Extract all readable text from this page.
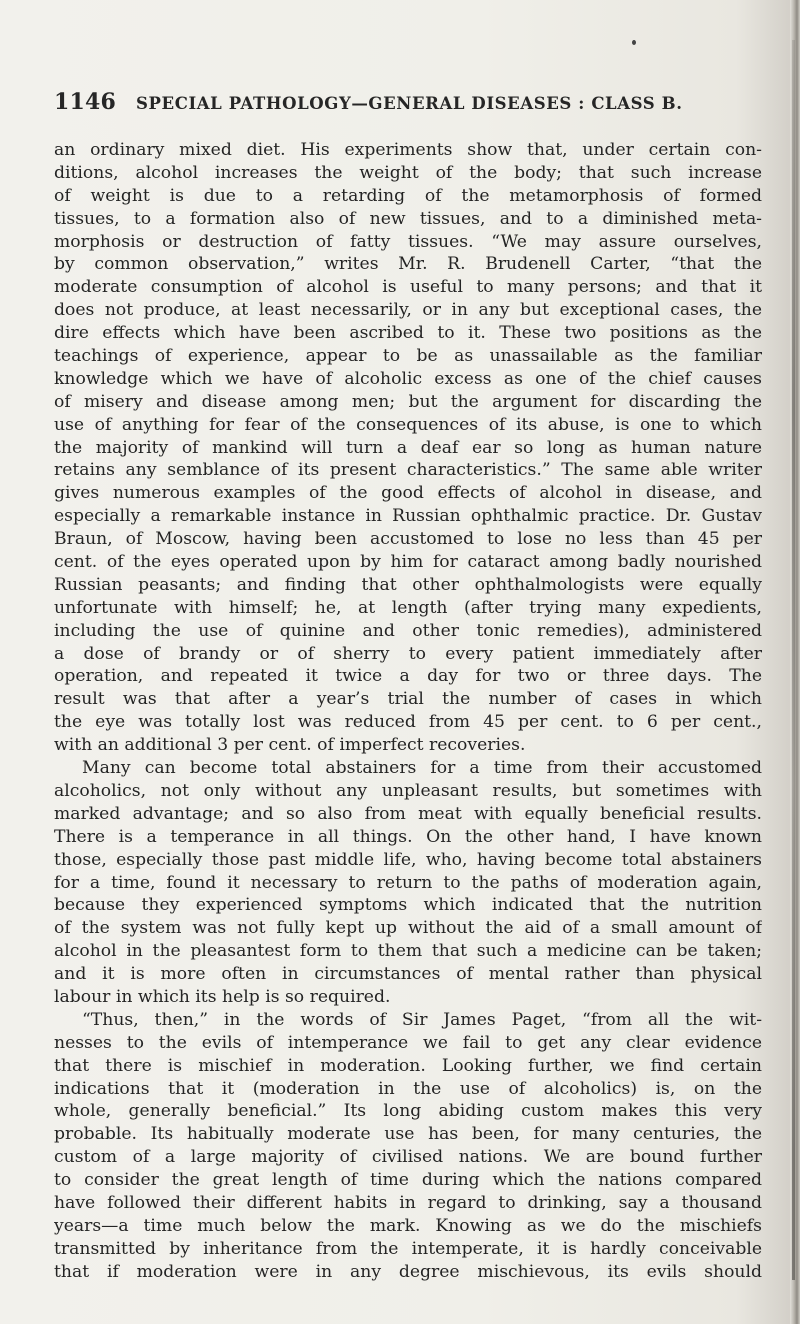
1146 SPECIAL PATHOLOGY—GENERAL DISEASES : CLASS B.
an ordinary mixed diet. His experiments show that, under certain con-
ditions, alcohol increases the weight of the body; that such increase
of weight is due to a retarding of the metamorphosis of formed
tissues, to a formation also of new tissues, and to a diminished meta-
morphosis or destruction of fatty tissues. “We may assure ourselves,
by common observation,” writes Mr. R. Brudenell Carter, “that the
moderate consumption of alcohol is useful to many persons; and that it
does not produce, at least necessarily, or in any but exceptional cases, the
dire effects which have been ascribed to it. These two positions as the
teachings of experience, appear to be as unassailable as the familiar
knowledge which we have of alcoholic excess as one of the chief causes
of misery and disease among men; but the argument for discarding the
use of anything for fear of the consequences of its abuse, is one to which
the majority of mankind will turn a deaf ear so long as human nature
retains any semblance of its present characteristics.” The same able writer
gives numerous examples of the good effects of alcohol in disease, and
especially a remarkable instance in Russian ophthalmic practice. Dr. Gustav
Braun, of Moscow, having been accustomed to lose no less than 45 per
cent. of the eyes operated upon by him for cataract among badly nourished
Russian peasants; and finding that other ophthalmologists were equally
unfortunate with himself; he, at length (after trying many expedients,
including the use of quinine and other tonic remedies), administered
a dose of brandy or of sherry to every patient immediately after
operation, and repeated it twice a day for two or three days. The
result was that after a year’s trial the number of cases in which
the eye was totally lost was reduced from 45 per cent. to 6 per cent.,
with an additional 3 per cent. of imperfect recoveries.
Many can become total abstainers for a time from their accustomed
alcoholics, not only without any unpleasant results, but sometimes with
marked advantage; and so also from meat with equally beneficial results.
There is a temperance in all things. On the other hand, I have known
those, especially those past middle life, who, having become total abstainers
for a time, found it necessary to return to the paths of moderation again,
because they experienced symptoms which indicated that the nutrition
of the system was not fully kept up without the aid of a small amount of
alcohol in the pleasantest form to them that such a medicine can be taken;
and it is more often in circumstances of mental rather than physical
labour in which its help is so required.
“Thus, then,” in the words of Sir James Paget, “from all the wit-
nesses to the evils of intemperance we fail to get any clear evidence
that there is mischief in moderation. Looking further, we find certain
indications that it (moderation in the use of alcoholics) is, on the
whole, generally beneficial.” Its long abiding custom makes this very
probable. Its habitually moderate use has been, for many centuries, the
custom of a large majority of civilised nations. We are bound further
to consider the great length of time during which the nations compared
have followed their different habits in regard to drinking, say a thousand
years—a time much below the mark. Knowing as we do the mischiefs
transmitted by inheritance from the intemperate, it is hardly conceivable
that if moderation were in any degree mischievous, its evils should
